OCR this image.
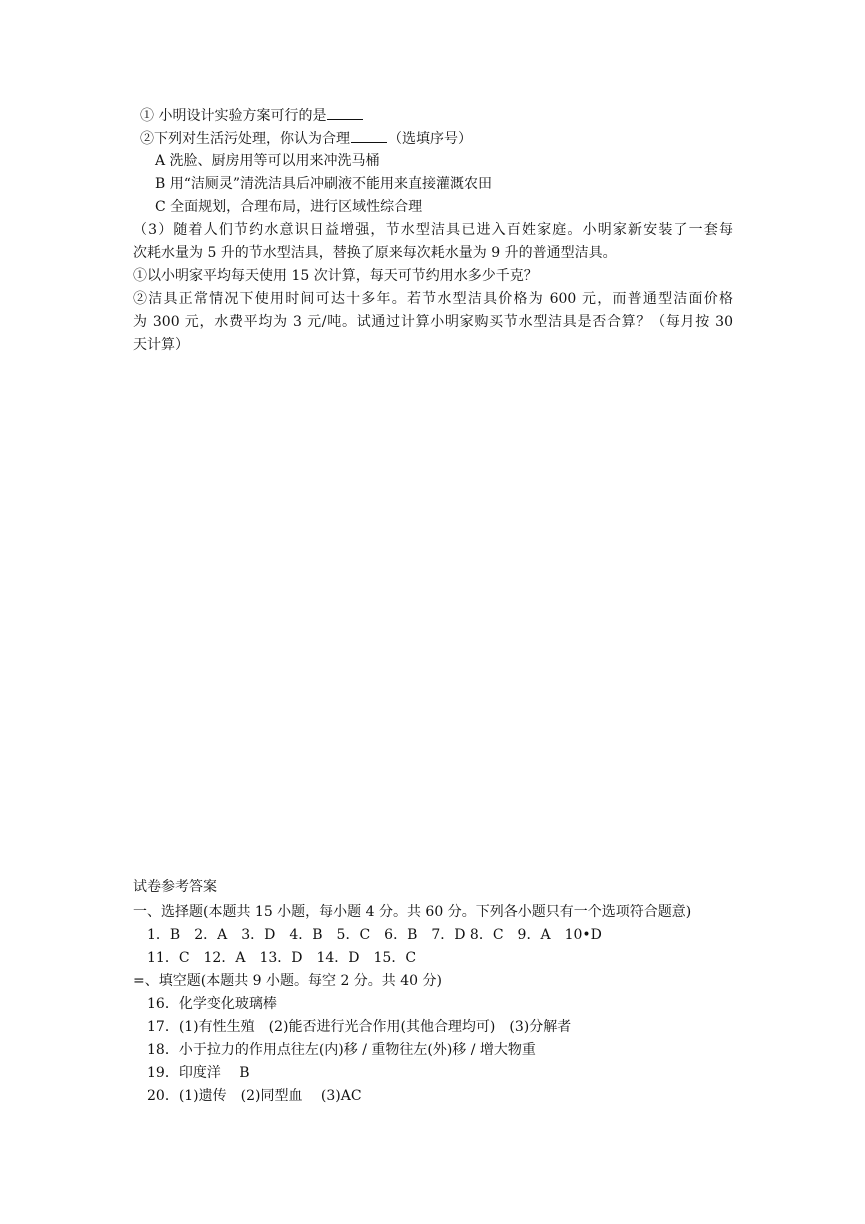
① 小明设计实验方案可行的是
②下列对生活污处理，你认为合理	（选填序号）
A 洗脸、厨房用等可以用来冲洗马桶
B 用“洁厕灵”清洗洁具后冲刷液不能用来直接灌溉农田
C 全面规划，合理布局，进行区域性综合理
（3）随着人们节约水意识日益增强，节水型洁具已进入百姓家庭。小明家新安装了一套每
次耗水量为 5 升的节水型洁具，替换了原来每次耗水量为 9 升的普通型洁具。
①以小明家平均每天使用 15 次计算，每天可节约用水多少千克？
②洁具正常情况下使用时间可达十多年。若节水型洁具价格为 600 元，而普通型洁面价格
为 300 元，水费平均为 3 元/吨。试通过计算小明家购买节水型洁具是否合算？（每月按 30
天计算）
试卷参考答案
一、选择题(本题共 15 小题，每小题 4 分。共 60 分。下列各小题只有一个选项符合题意)
1．B　2．A　3．D　4．B　5．C　6．B　7．D 8．C　9．A　10•D
11．C　12．A　13．D　14．D　15．C
=、填空题(本题共 9 小题。每空 2 分。共 40 分)
16．化学变化玻璃棒
17．(1)有性生殖　(2)能否进行光合作用(其他合理均可)　(3)分解者
18．小于拉力的作用点往左(内)移 / 重物往左(外)移 / 增大物重
19．印度洋　 B
20．(1)遗传　(2)同型血　 (3)AC
